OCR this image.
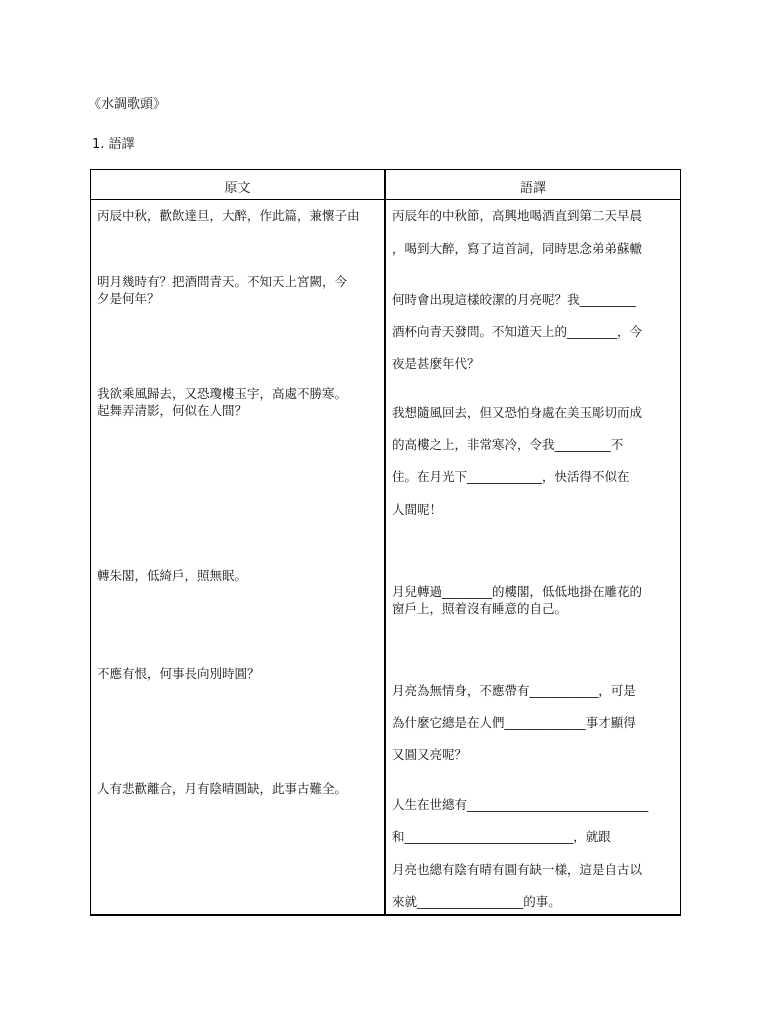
《水調歌頭》
1. 語譯
原文	語譯
丙辰中秋，歡飲達旦，大醉，作此篇，兼懷子由
明月幾時有？把酒問青天。不知天上宮闕，今
夕是何年？
我欲乘風歸去，又恐瓊樓玉宇，高處不勝寒。
起舞弄清影，何似在人間？
轉朱閣，低綺戶，照無眠。
不應有恨，何事長向別時圓？
人有悲歡離合，月有陰晴圓缺，此事古難全。
丙辰年的中秋節，高興地喝酒直到第二天早晨
，喝到大醉，寫了這首詞，同時思念弟弟蘇轍
何時會出現這樣皎潔的月亮呢？我_________
酒杯向青天發問。不知道天上的________，今
夜是甚麼年代？
我想隨風回去，但又恐怕身處在美玉彫切而成
的高樓之上，非常寒冷，令我_________不
住。在月光下____________，快活得不似在
人間呢！
月兒轉過________的樓閣，低低地掛在雕花的
窗戶上，照着沒有睡意的自己。
月亮為無情身，不應帶有___________，可是
為什麼它總是在人們_____________事才顯得
又圓又亮呢？
人生在世總有_____________________________
和___________________________，就跟
月亮也總有陰有晴有圓有缺一樣，這是自古以
來就_________________的事。
